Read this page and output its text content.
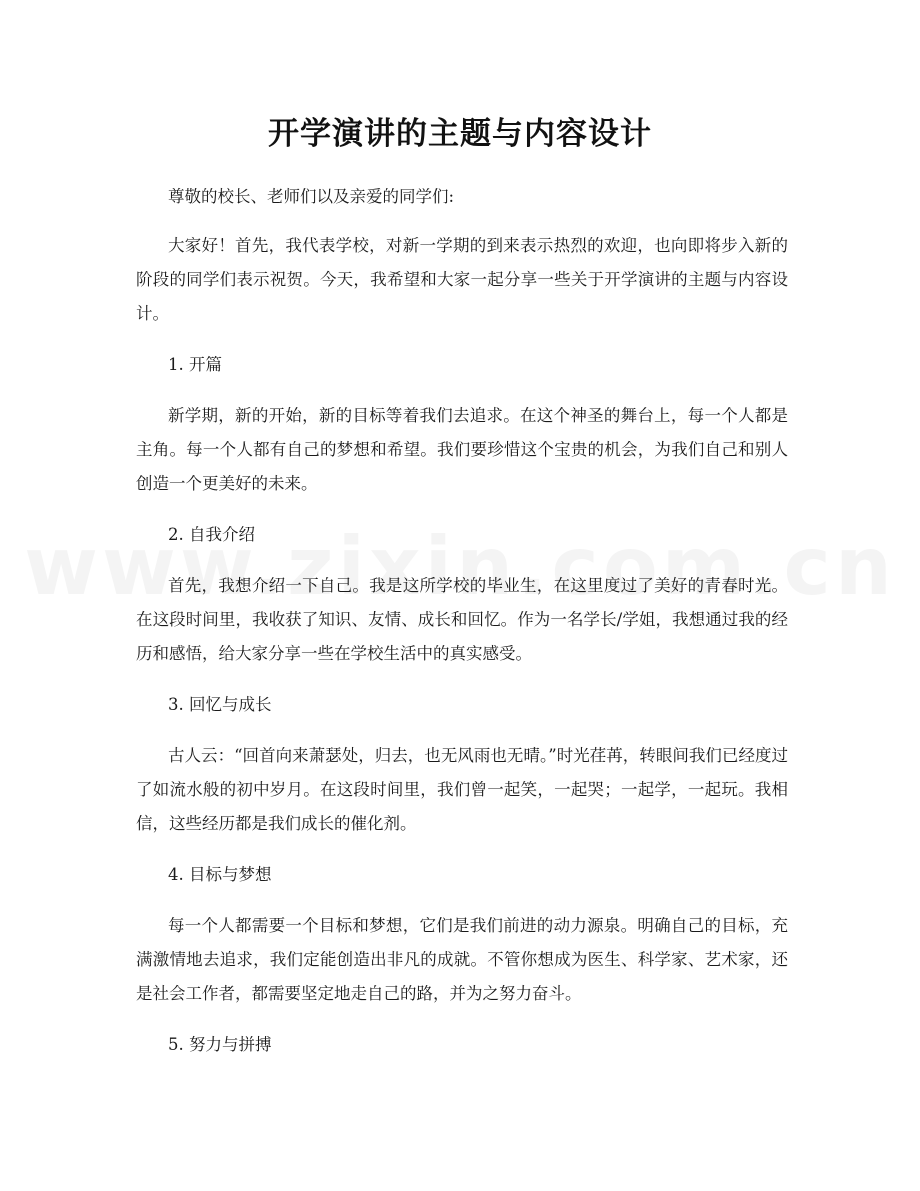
开学演讲的主题与内容设计

尊敬的校长、老师们以及亲爱的同学们:

大家好！首先，我代表学校，对新一学期的到来表示热烈的欢迎，也向即将步入新的阶段的同学们表示祝贺。今天，我希望和大家一起分享一些关于开学演讲的主题与内容设计。

1. 开篇

新学期，新的开始，新的目标等着我们去追求。在这个神圣的舞台上，每一个人都是主角。每一个人都有自己的梦想和希望。我们要珍惜这个宝贵的机会，为我们自己和别人创造一个更美好的未来。

2. 自我介绍

首先，我想介绍一下自己。我是这所学校的毕业生，在这里度过了美好的青春时光。在这段时间里，我收获了知识、友情、成长和回忆。作为一名学长/学姐，我想通过我的经历和感悟，给大家分享一些在学校生活中的真实感受。

3. 回忆与成长

古人云：“回首向来萧瑟处，归去，也无风雨也无晴。”时光荏苒，转眼间我们已经度过了如流水般的初中岁月。在这段时间里，我们曾一起笑，一起哭；一起学，一起玩。我相信，这些经历都是我们成长的催化剂。

4. 目标与梦想

每一个人都需要一个目标和梦想，它们是我们前进的动力源泉。明确自己的目标，充满激情地去追求，我们定能创造出非凡的成就。不管你想成为医生、科学家、艺术家，还是社会工作者，都需要坚定地走自己的路，并为之努力奋斗。

5. 努力与拼搏
